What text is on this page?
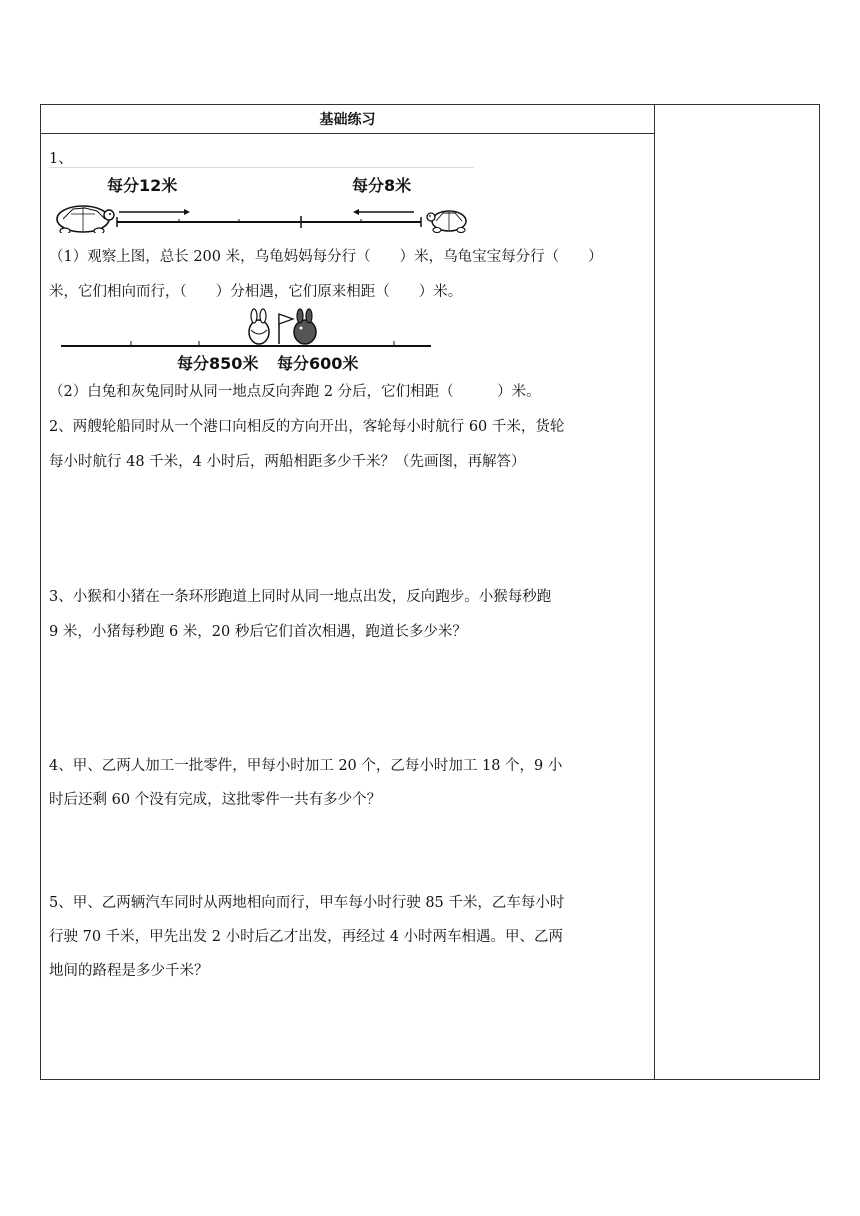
基础练习
1、
每分12米	每分8米
（1）观察上图，总长 200 米，乌龟妈妈每分行（　　）米，乌龟宝宝每分行（　　）
米，它们相向而行，（　　）分相遇，它们原来相距（　　）米。
每分850米 每分600米
（2）白兔和灰兔同时从同一地点反向奔跑 2 分后，它们相距（　　　）米。
2、两艘轮船同时从一个港口向相反的方向开出，客轮每小时航行 60 千米，货轮
每小时航行 48 千米，4 小时后，两船相距多少千米？（先画图，再解答）
3、小猴和小猪在一条环形跑道上同时从同一地点出发，反向跑步。小猴每秒跑
9 米，小猪每秒跑 6 米，20 秒后它们首次相遇，跑道长多少米？
4、甲、乙两人加工一批零件，甲每小时加工 20 个，乙每小时加工 18 个，9 小
时后还剩 60 个没有完成，这批零件一共有多少个？
5、甲、乙两辆汽车同时从两地相向而行，甲车每小时行驶 85 千米，乙车每小时
行驶 70 千米，甲先出发 2 小时后乙才出发，再经过 4 小时两车相遇。甲、乙两
地间的路程是多少千米？
